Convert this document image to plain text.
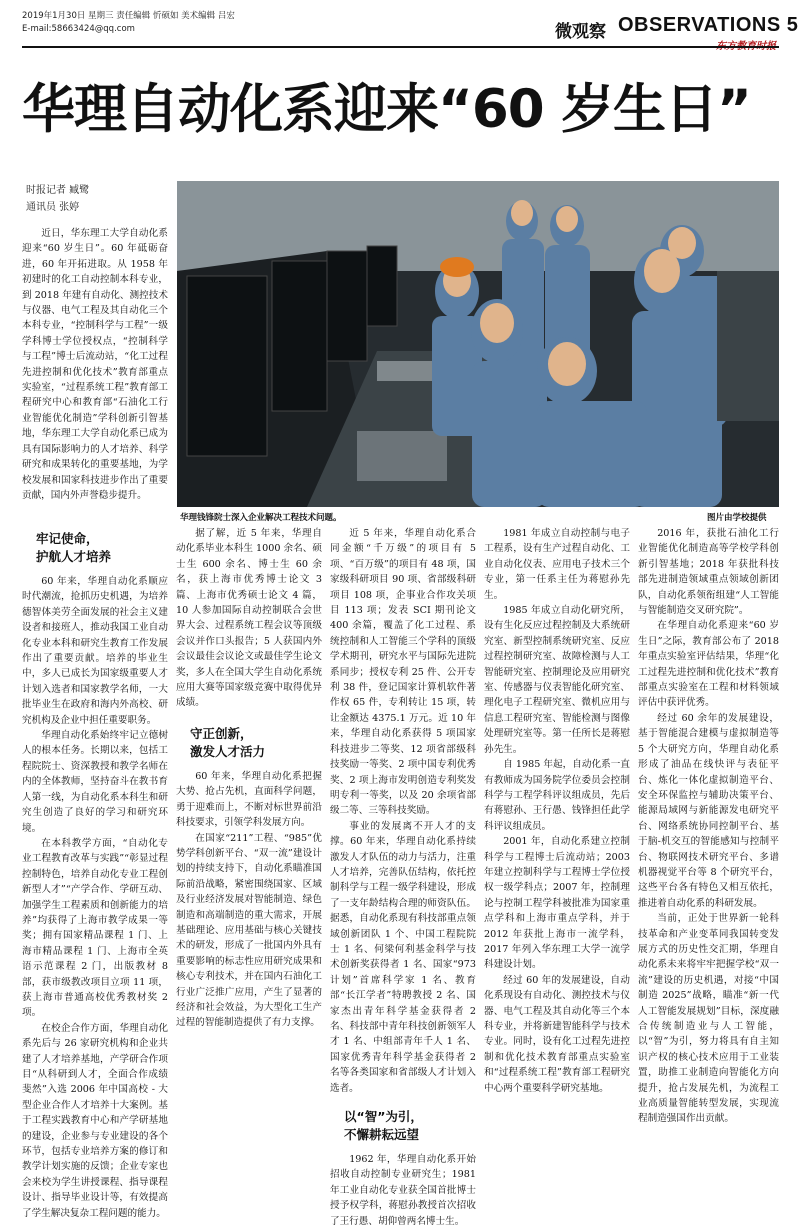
2019年1月30日 星期三 责任编辑 忻硕如 美术编辑 吕宏
E-mail:58663424@qq.com	微观察 OBSERVATIONS 5
华理自动化系迎来“60 岁生日”
时报记者 臧鹭
通讯员 张婷
华理钱锋院士深入企业解决工程技术问题。	图片由学校提供

近日，华东理工大学自动化系迎来“60 岁生日”。60 年砥砺奋进，60 年开拓进取。从 1958 年初建时的化工自动控制本科专业，到 2018 年建有自动化、测控技术与仪器、电气工程及其自动化三个本科专业，“控制科学与工程”一级学科博士学位授权点，“控制科学与工程”博士后流动站，“化工过程先进控制和优化技术”教育部重点实验室，“过程系统工程”教育部工程研究中心和教育部“石油化工行业智能优化制造”学科创新引智基地，华东理工大学自动化系已成为具有国际影响力的人才培养、科学研究和成果转化的重要基地，为学校发展和国家科技进步作出了重要贡献，国内外声誉稳步提升。

牢记使命，
护航人才培养

60 年来，华理自动化系顺应时代潮流，抢抓历史机遇，为培养德智体美劳全面发展的社会主义建设者和接班人，推动我国工业自动化专业本科和研究生教育工作发展作出了重要贡献。培养的毕业生中，多人已成长为国家级重要人才计划入选者和国家教学名师，一大批毕业生在政府和海内外高校、研究机构及企业中担任重要职务。

华理自动化系始终牢记立德树人的根本任务。长期以来，包括工程院院士、资深教授和教学名师在内的全体教师，坚持奋斗在教书育人第一线，为自动化系本科生和研究生创造了良好的学习和研究环境。

在本科教学方面，“自动化专业工程教育改革与实践”“彰显过程控制特色，培养自动化专业工程创新型人才”“产学合作、学研互动、加强学生工程素质和创新能力的培养”均获得了上海市教学成果一等奖；拥有国家精品课程 1 门、上海市精品课程 1 门、上海市全英语示范课程 2 门，出版教材 8 部，获市级教改项目立项 11 项，获上海市普通高校优秀教材奖 2 项。

在校企合作方面，华理自动化系先后与 26 家研究机构和企业共建了人才培养基地，产学研合作项目“从科研到人才，全面合作成绩斐然”入选 2006 年中国高校 - 大型企业合作人才培养十大案例。基于工程实践教育中心和产学研基地的建设，企业参与专业建设的各个环节，包括专业培养方案的修订和教学计划实施的反馈；企业专家也会来校为学生讲授课程、指导课程设计、指导毕业设计等，有效提高了学生解决复杂工程问题的能力。

据了解，近 5 年来，华理自动化系毕业本科生 1000 余名、硕士生 600 余名、博士生 60 余名，获上海市优秀博士论文 3 篇、上海市优秀硕士论文 4 篇，10 人参加国际自动控制联合会世界大会、过程系统工程会议等顶级会议并作口头报告；5 人获国内外会议最佳会议论文或最佳学生论文奖，多人在全国大学生自动化系统应用大赛等国家级竞赛中取得优异成绩。

守正创新，
激发人才活力

60 年来，华理自动化系把握大势、抢占先机，直面科学问题，勇于迎难而上，不断对标世界前沿科技要求，引领学科发展方向。

在国家“211”工程、“985”优势学科创新平台、“双一流”建设计划的持续支持下，自动化系瞄准国际前沿战略，紧密围绕国家、区域及行业经济发展对智能制造、绿色制造和高端制造的重大需求，开展基础理论、应用基础与核心关键技术的研发，形成了一批国内外具有重要影响的标志性应用研究成果和核心专利技术，并在国内石油化工行业广泛推广应用，产生了显著的经济和社会效益，为大型化工生产过程的智能制造提供了有力支撑。

近 5 年来，华理自动化系合同金额“千万级”的项目有 5 项、“百万级”的项目有 48 项，国家级科研项目 90 项、省部级科研项目 108 项，企事业合作攻关项目 113 项；发表 SCI 期刊论文 400 余篇，覆盖了化工过程、系统控制和人工智能三个学科的顶级学术期刊，研究水平与国际先进院系同步；授权专利 25 件、公开专利 38 件，登记国家计算机软件著作权 65 件，专利转让 15 项，转让金额达 4375.1 万元。近 10 年来，华理自动化系获得 5 项国家科技进步二等奖、12 项省部级科技奖励一等奖、2 项中国专利优秀奖、2 项上海市发明创造专利奖发明专利一等奖，以及 20 余项省部级二等、三等科技奖励。

事业的发展离不开人才的支撑。60 年来，华理自动化系持续激发人才队伍的动力与活力，注重人才培养，完善队伍结构，依托控制科学与工程一级学科建设，形成了一支年龄结构合理的师资队伍。据悉，自动化系现有科技部重点领域创新团队 1 个、中国工程院院士 1 名、何梁何利基金科学与技术创新奖获得者 1 名、国家“973 计划”首席科学家 1 名、教育部“长江学者”特聘教授 2 名、国家杰出青年科学基金获得者 2 名、科技部中青年科技创新领军人才 1 名、中组部青年千人 1 名、国家优秀青年科学基金获得者 2 名等各类国家和省部级人才计划入选者。

以“智”为引，
不懈耕耘远望

1962 年，华理自动化系开始招收自动控制专业研究生；1981 年工业自动化专业获全国首批博士授予权学科，蒋慰孙教授首次招收了王行愚、胡仰曾两名博士生。

1981 年成立自动控制与电子工程系，设有生产过程自动化、工业自动化仪表、应用电子技术三个专业，第一任系主任为蒋慰孙先生。

1985 年成立自动化研究所，设有生化反应过程控制及大系统研究室、新型控制系统研究室、反应过程控制研究室、故障检测与人工智能研究室、控制理论及应用研究室、传感器与仪表智能化研究室、理化电子工程研究室、微机应用与信息工程研究室、智能检测与图像处理研究室等。第一任所长是蒋慰孙先生。

自 1985 年起，自动化系一直有教师成为国务院学位委员会控制科学与工程学科评议组成员，先后有蒋慰孙、王行愚、钱锋担任此学科评议组成员。

2001 年，自动化系建立控制科学与工程博士后流动站；2003 年建立控制科学与工程博士学位授权一级学科点；2007 年，控制理论与控制工程学科被批准为国家重点学科和上海市重点学科，并于 2012 年获批上海市一流学科，2017 年列入华东理工大学一流学科建设计划。

经过 60 年的发展建设，自动化系现设有自动化、测控技术与仪器、电气工程及其自动化等三个本科专业，并将新建智能科学与技术专业。同时，设有化工过程先进控制和优化技术教育部重点实验室和“过程系统工程”教育部工程研究中心两个重要科学研究基地。

2016 年，获批石油化工行业智能优化制造高等学校学科创新引智基地；2018 年获批科技部先进制造领域重点领域创新团队，自动化系领衔组建“人工智能与智能制造交叉研究院”。

在华理自动化系迎来“60 岁生日”之际，教育部公布了 2018 年重点实验室评估结果，华理“化工过程先进控制和优化技术”教育部重点实验室在工程和材料领域评估中获评优秀。

经过 60 余年的发展建设，基于智能混合建模与虚拟制造等 5 个大研究方向，华理自动化系形成了油品在线快评与表征平台、炼化一体化虚拟制造平台、安全环保监控与辅助决策平台、能源局域网与新能源发电研究平台、网络系统协同控制平台、基于脑-机交互的智能感知与控制平台、物联网技术研究平台、多谱机器视觉平台等 8 个研究平台，这些平台各有特色又相互依托，推进着自动化系的科研发展。

当前，正处于世界新一轮科技革命和产业变革同我国转变发展方式的历史性交汇期，华理自动化系未来将牢牢把握学校“双一流”建设的历史机遇，对接“中国制造 2025”战略，瞄准“新一代人工智能发展规划”目标，深度融合传统制造业与人工智能，以“智”为引，努力将具有自主知识产权的核心技术应用于工业装置，助推工业制造向智能化方向提升，抢占发展先机，为流程工业高质量智能转型发展，实现流程制造强国作出贡献。
